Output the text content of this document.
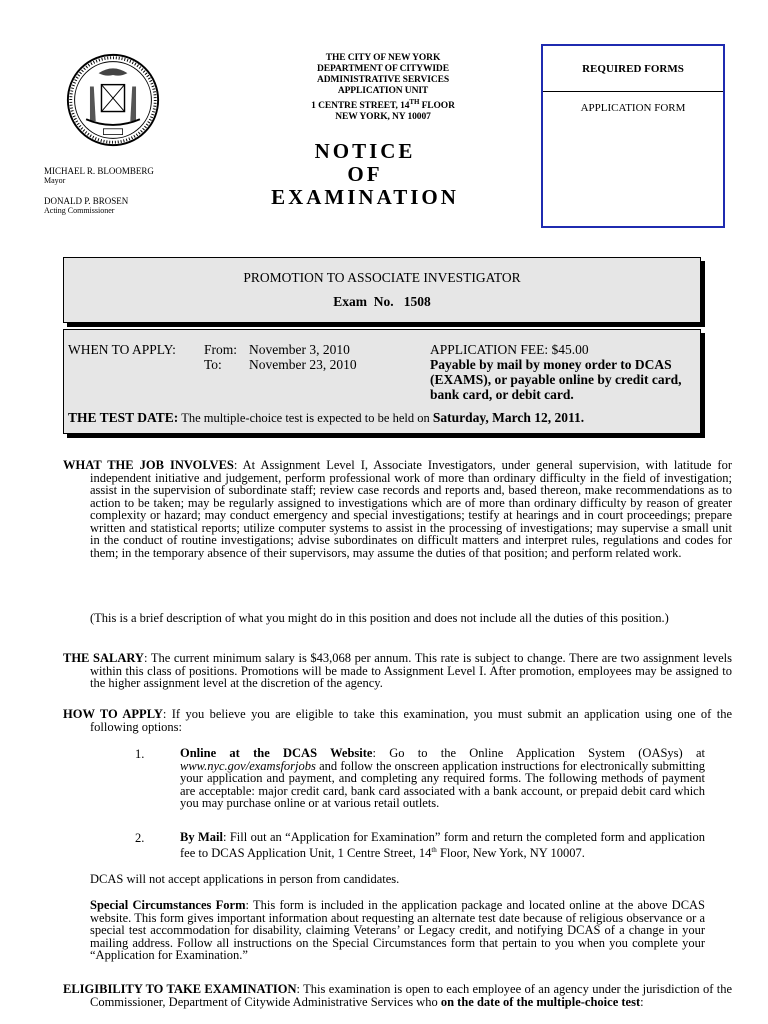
MICHAEL R. BLOOMBERG
Mayor
DONALD P. BROSEN
Acting Commissioner
THE CITY OF NEW YORK
DEPARTMENT OF CITYWIDE
ADMINISTRATIVE SERVICES
APPLICATION UNIT
1 CENTRE STREET, 14TH FLOOR
NEW YORK, NY 10007
NOTICE
OF
EXAMINATION
REQUIRED FORMS
APPLICATION FORM
PROMOTION TO ASSOCIATE INVESTIGATOR
Exam  No.   1508
WHEN TO APPLY: From: November 3, 2010
To: November 23, 2010
APPLICATION FEE: $45.00
Payable by mail by money order to DCAS
(EXAMS), or payable online by credit card,
bank card, or debit card.
THE TEST DATE: The multiple-choice test is expected to be held on Saturday, March 12, 2011.
WHAT THE JOB INVOLVES: At Assignment Level I, Associate Investigators, under general supervision, with latitude for independent initiative and judgement, perform professional work of more than ordinary difficulty in the field of investigation; assist in the supervision of subordinate staff; review case records and reports and, based thereon, make recommendations as to action to be taken; may be regularly assigned to investigations which are of more than ordinary difficulty by reason of greater complexity or hazard; may conduct emergency and special investigations; testify at hearings and in court proceedings; prepare written and statistical reports; utilize computer systems to assist in the processing of investigations; may supervise a small unit in the conduct of routine investigations; advise subordinates on difficult matters and interpret rules, regulations and codes for them; in the temporary absence of their supervisors, may assume the duties of that position; and perform related work.
(This is a brief description of what you might do in this position and does not include all the duties of this position.)
THE SALARY: The current minimum salary is $43,068 per annum. This rate is subject to change. There are two assignment levels within this class of positions. Promotions will be made to Assignment Level I. After promotion, employees may be assigned to the higher assignment level at the discretion of the agency.
HOW TO APPLY: If you believe you are eligible to take this examination, you must submit an application using one of the following options:
1.	Online at the DCAS Website: Go to the Online Application System (OASys) at www.nyc.gov/examsforjobs and follow the onscreen application instructions for electronically submitting your application and payment, and completing any required forms. The following methods of payment are acceptable: major credit card, bank card associated with a bank account, or prepaid debit card which you may purchase online or at various retail outlets.
2.	By Mail: Fill out an “Application for Examination” form and return the completed form and application fee to DCAS Application Unit, 1 Centre Street, 14th Floor, New York, NY 10007.
DCAS will not accept applications in person from candidates.
Special Circumstances Form: This form is included in the application package and located online at the above DCAS website. This form gives important information about requesting an alternate test date because of religious observance or a special test accommodation for disability, claiming Veterans’ or Legacy credit, and notifying DCAS of a change in your mailing address. Follow all instructions on the Special Circumstances form that pertain to you when you complete your “Application for Examination.”
ELIGIBILITY TO TAKE EXAMINATION: This examination is open to each employee of an agency under the jurisdiction of the Commissioner, Department of Citywide Administrative Services who on the date of the multiple-choice test:
